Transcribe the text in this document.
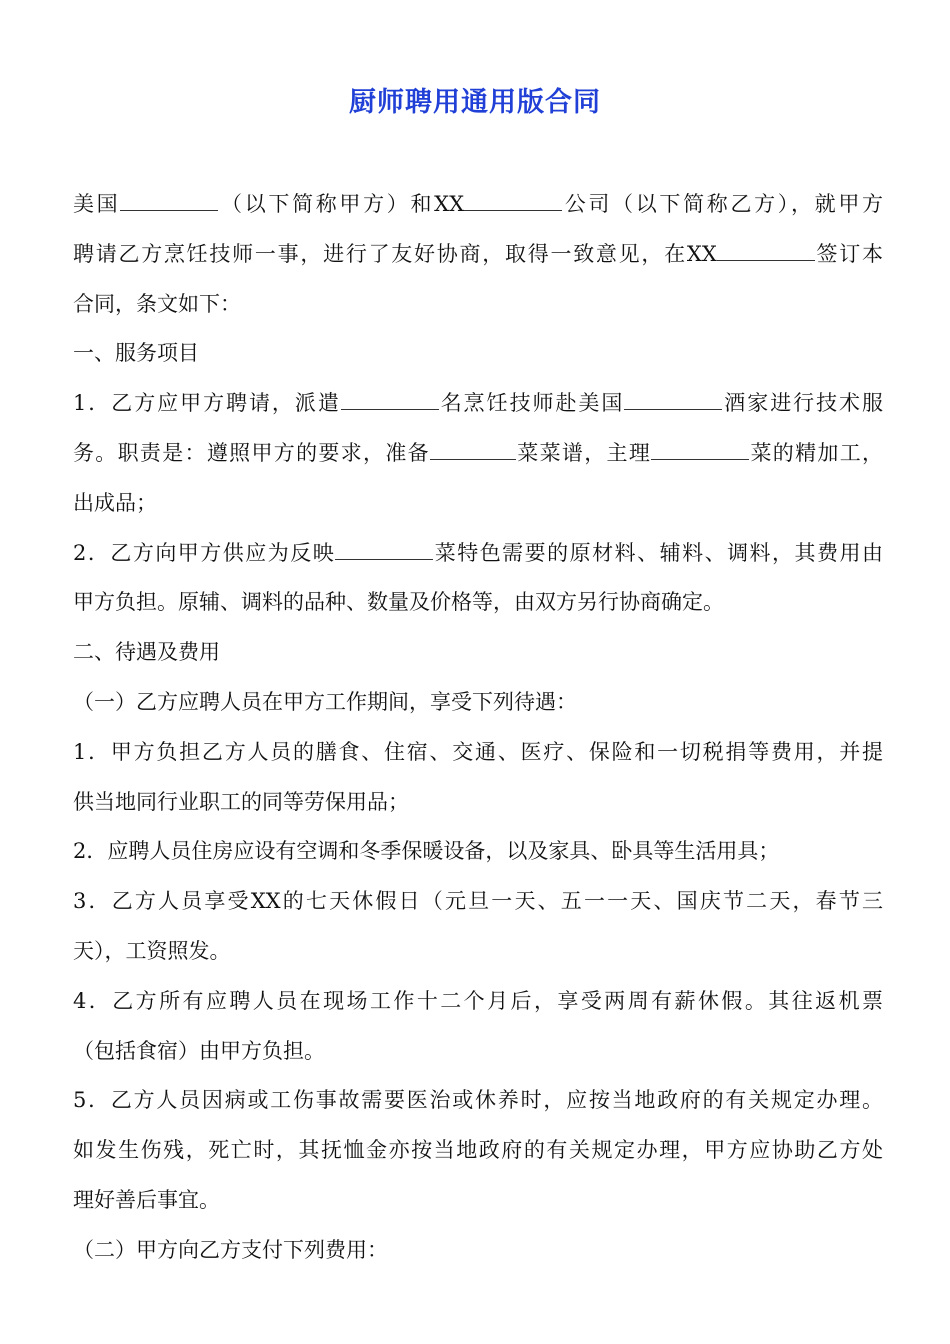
厨师聘用通用版合同
美国	（以下简称甲方）和XX	公司（以下简称乙方），就甲方
聘请乙方烹饪技师一事，进行了友好协商，取得一致意见，在XX	签订本
合同，条文如下：
一、服务项目
1．乙方应甲方聘请，派遣	名烹饪技师赴美国	酒家进行技术服
务。职责是：遵照甲方的要求，准备	菜菜谱，主理	菜的精加工，
出成品；
2．乙方向甲方供应为反映	菜特色需要的原材料、辅料、调料，其费用由
甲方负担。原辅、调料的品种、数量及价格等，由双方另行协商确定。
二、待遇及费用
（一）乙方应聘人员在甲方工作期间，享受下列待遇：
1．甲方负担乙方人员的膳食、住宿、交通、医疗、保险和一切税捐等费用，并提
供当地同行业职工的同等劳保用品；
2．应聘人员住房应设有空调和冬季保暖设备，以及家具、卧具等生活用具；
3．乙方人员享受XX的七天休假日（元旦一天、五一一天、国庆节二天，春节三
天），工资照发。
4．乙方所有应聘人员在现场工作十二个月后，享受两周有薪休假。其往返机票
（包括食宿）由甲方负担。
5．乙方人员因病或工伤事故需要医治或休养时，应按当地政府的有关规定办理。
如发生伤残，死亡时，其抚恤金亦按当地政府的有关规定办理，甲方应协助乙方处
理好善后事宜。
（二）甲方向乙方支付下列费用：
